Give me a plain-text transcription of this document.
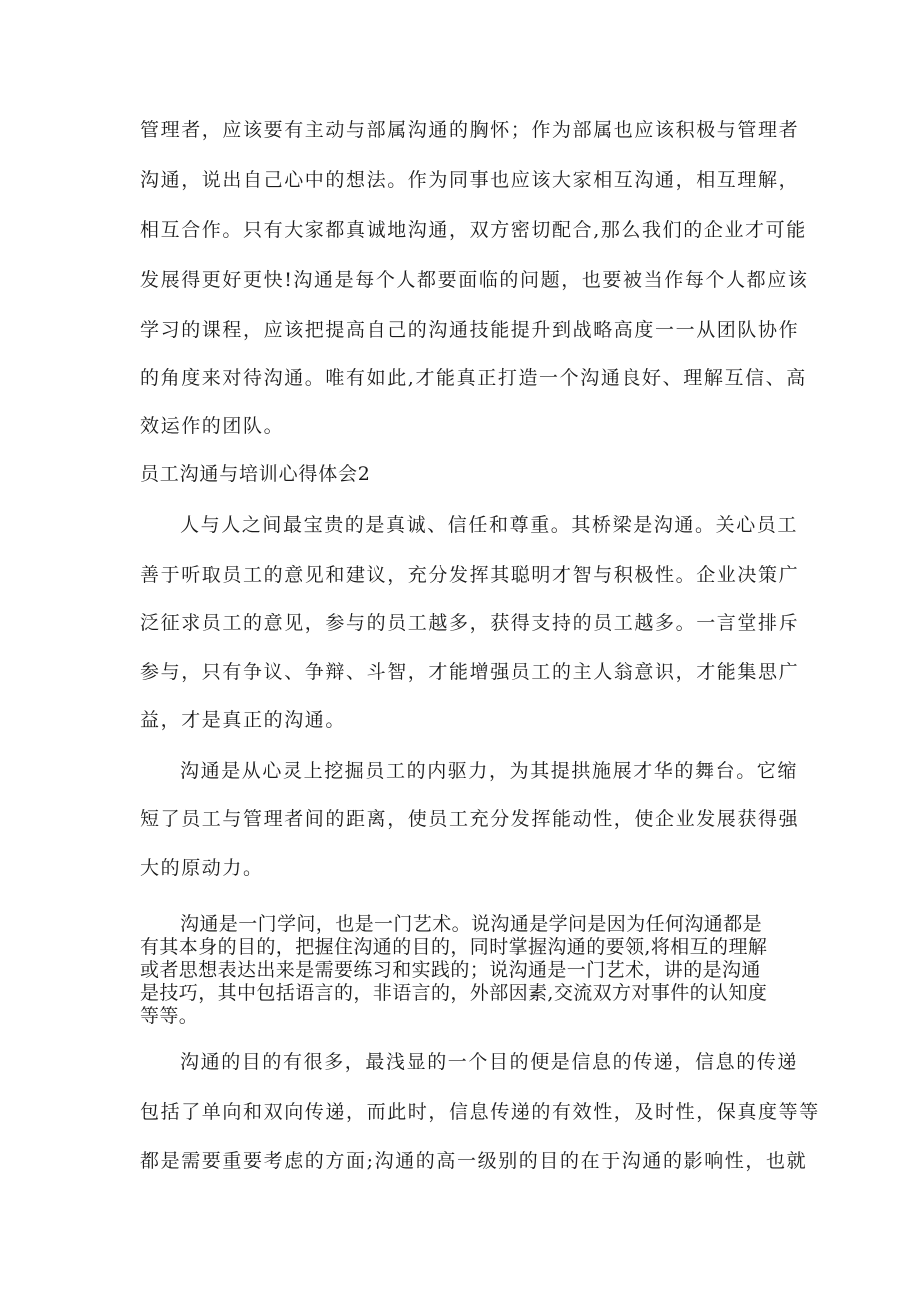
管理者，应该要有主动与部属沟通的胸怀；作为部属也应该积极与管理者
沟通，说出自己心中的想法。作为同事也应该大家相互沟通，相互理解，
相互合作。只有大家都真诚地沟通，双方密切配合,那么我们的企业才可能
发展得更好更快!沟通是每个人都要面临的问题，也要被当作每个人都应该
学习的课程，应该把提高自己的沟通技能提升到战略高度一一从团队协作
的角度来对待沟通。唯有如此,才能真正打造一个沟通良好、理解互信、高
效运作的团队。
员工沟通与培训心得体会2
人与人之间最宝贵的是真诚、信任和尊重。其桥梁是沟通。关心员工
善于听取员工的意见和建议，充分发挥其聪明才智与积极性。企业决策广
泛征求员工的意见，参与的员工越多，获得支持的员工越多。一言堂排斥
参与，只有争议、争辩、斗智，才能增强员工的主人翁意识，才能集思广
益，才是真正的沟通。
沟通是从心灵上挖掘员工的内驱力，为其提拱施展才华的舞台。它缩
短了员工与管理者间的距离，使员工充分发挥能动性，使企业发展获得强
大的原动力。
沟通是一门学问，也是一门艺术。说沟通是学问是因为任何沟通都是
有其本身的目的，把握住沟通的目的，同时掌握沟通的要领,将相互的理解
或者思想表达出来是需要练习和实践的；说沟通是一门艺术，讲的是沟通
是技巧，其中包括语言的，非语言的，外部因素,交流双方对事件的认知度
等等。
沟通的目的有很多，最浅显的一个目的便是信息的传递，信息的传递
包括了单向和双向传递，而此时，信息传递的有效性，及时性，保真度等等
都是需要重要考虑的方面;沟通的高一级别的目的在于沟通的影响性，也就
